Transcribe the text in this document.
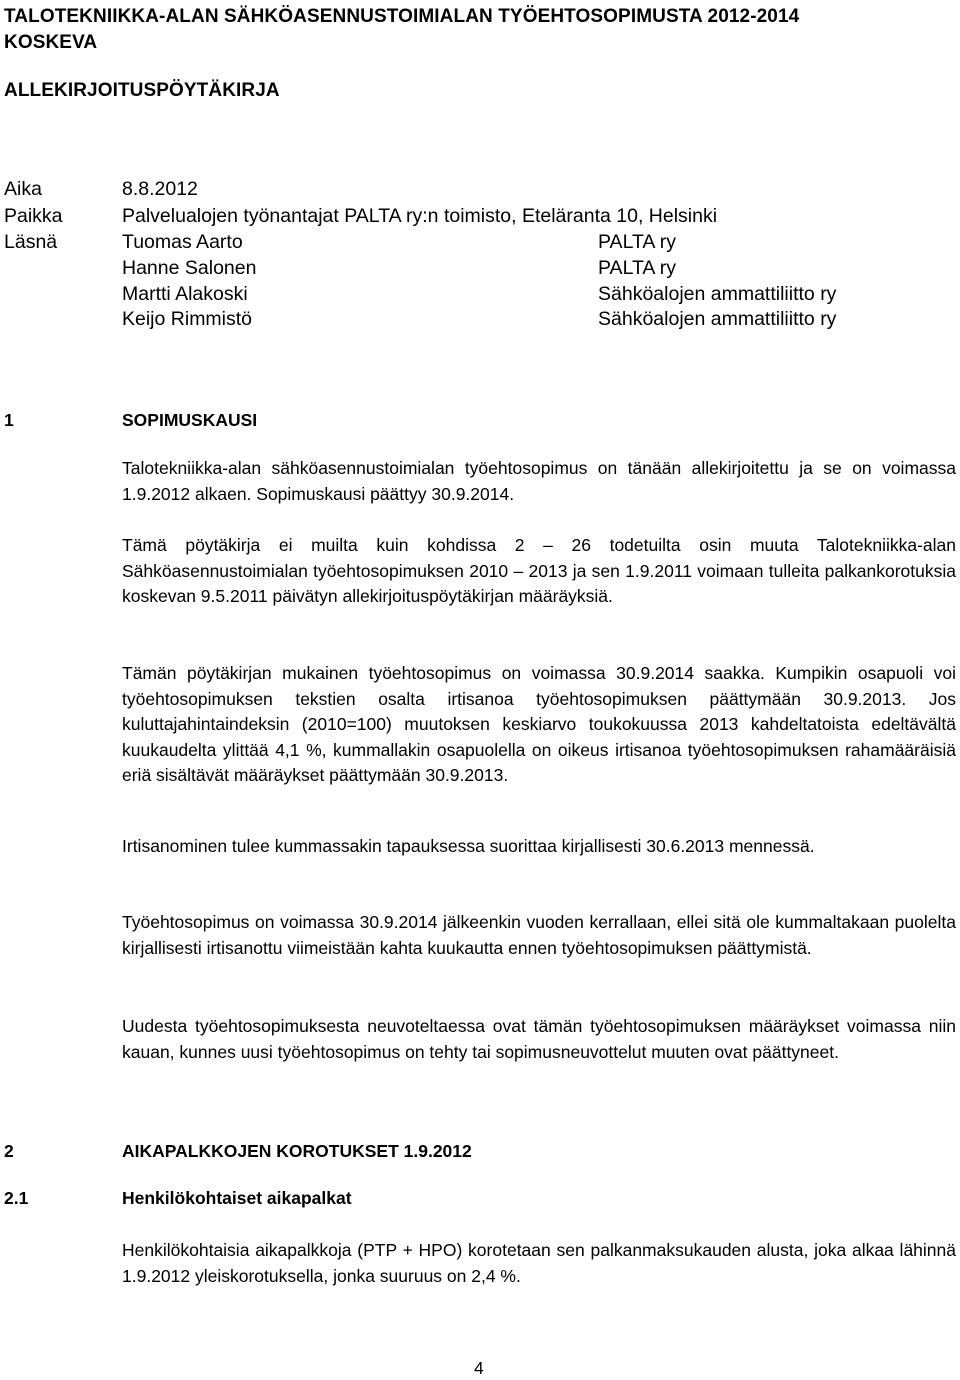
TALOTEKNIIKKA-ALAN SÄHKÖASENNUSTOIMIALAN TYÖEHTOSOPIMUSTA 2012-2014
KOSKEVA
ALLEKIRJOITUSPÖYTÄKIRJA
Aika	8.8.2012
Paikka	Palvelualojen työnantajat PALTA ry:n toimisto, Eteläranta 10, Helsinki
Läsnä	Tuomas Aarto	PALTA ry
Hanne Salonen	PALTA ry
Martti Alakoski	Sähköalojen ammattiliitto ry
Keijo Rimmistö	Sähköalojen ammattiliitto ry
1	SOPIMUSKAUSI
Talotekniikka-alan sähköasennustoimialan työehtosopimus on tänään allekirjoitettu ja se on voimassa 1.9.2012 alkaen. Sopimuskausi päättyy 30.9.2014.
Tämä pöytäkirja ei muilta kuin kohdissa 2 – 26 todetuilta osin muuta Talotekniikka-alan Sähköasennustoimialan työehtosopimuksen 2010 – 2013 ja sen 1.9.2011 voimaan tulleita palkankorotuksia koskevan 9.5.2011 päivätyn allekirjoituspöytäkirjan määräyksiä.
Tämän pöytäkirjan mukainen työehtosopimus on voimassa 30.9.2014 saakka. Kumpikin osapuoli voi työehtosopimuksen tekstien osalta irtisanoa työehtosopimuksen päättymään 30.9.2013. Jos kuluttajahintaindeksin (2010=100) muutoksen keskiarvo toukokuussa 2013 kahdeltatoista edeltävältä kuukaudelta ylittää 4,1 %, kummallakin osapuolella on oikeus irtisanoa työehtosopimuksen rahamääräisiä eriä sisältävät määräykset päättymään 30.9.2013.
Irtisanominen tulee kummassakin tapauksessa suorittaa kirjallisesti 30.6.2013 mennessä.
Työehtosopimus on voimassa 30.9.2014 jälkeenkin vuoden kerrallaan, ellei sitä ole kummaltakaan puolelta kirjallisesti irtisanottu viimeistään kahta kuukautta ennen työehtosopimuksen päättymistä.
Uudesta työehtosopimuksesta neuvoteltaessa ovat tämän työehtosopimuksen määräykset voimassa niin kauan, kunnes uusi työehtosopimus on tehty tai sopimusneuvottelut muuten ovat päättyneet.
2	AIKAPALKKOJEN KOROTUKSET 1.9.2012
2.1	Henkilökohtaiset aikapalkat
Henkilökohtaisia aikapalkkoja (PTP + HPO) korotetaan sen palkanmaksukauden alusta, joka alkaa lähinnä 1.9.2012 yleiskorotuksella, jonka suuruus on 2,4 %.
4
